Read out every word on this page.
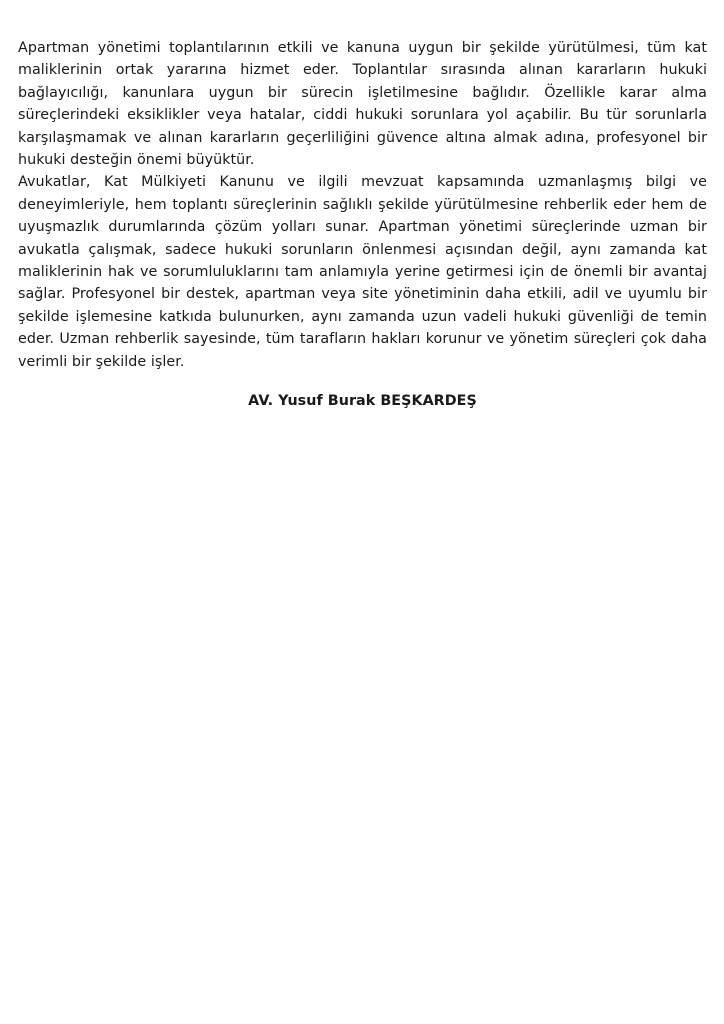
Apartman yönetimi toplantılarının etkili ve kanuna uygun bir şekilde yürütülmesi, tüm kat maliklerinin ortak yararına hizmet eder. Toplantılar sırasında alınan kararların hukuki bağlayıcılığı, kanunlara uygun bir sürecin işletilmesine bağlıdır. Özellikle karar alma süreçlerindeki eksiklikler veya hatalar, ciddi hukuki sorunlara yol açabilir. Bu tür sorunlarla karşılaşmamak ve alınan kararların geçerliliğini güvence altına almak adına, profesyonel bir hukuki desteğin önemi büyüktür.

Avukatlar, Kat Mülkiyeti Kanunu ve ilgili mevzuat kapsamında uzmanlaşmış bilgi ve deneyimleriyle, hem toplantı süreçlerinin sağlıklı şekilde yürütülmesine rehberlik eder hem de uyuşmazlık durumlarında çözüm yolları sunar. Apartman yönetimi süreçlerinde uzman bir avukatla çalışmak, sadece hukuki sorunların önlenmesi açısından değil, aynı zamanda kat maliklerinin hak ve sorumluluklarını tam anlamıyla yerine getirmesi için de önemli bir avantaj sağlar. Profesyonel bir destek, apartman veya site yönetiminin daha etkili, adil ve uyumlu bir şekilde işlemesine katkıda bulunurken, aynı zamanda uzun vadeli hukuki güvenliği de temin eder. Uzman rehberlik sayesinde, tüm tarafların hakları korunur ve yönetim süreçleri çok daha verimli bir şekilde işler.

AV. Yusuf Burak BEŞKARDEŞ
